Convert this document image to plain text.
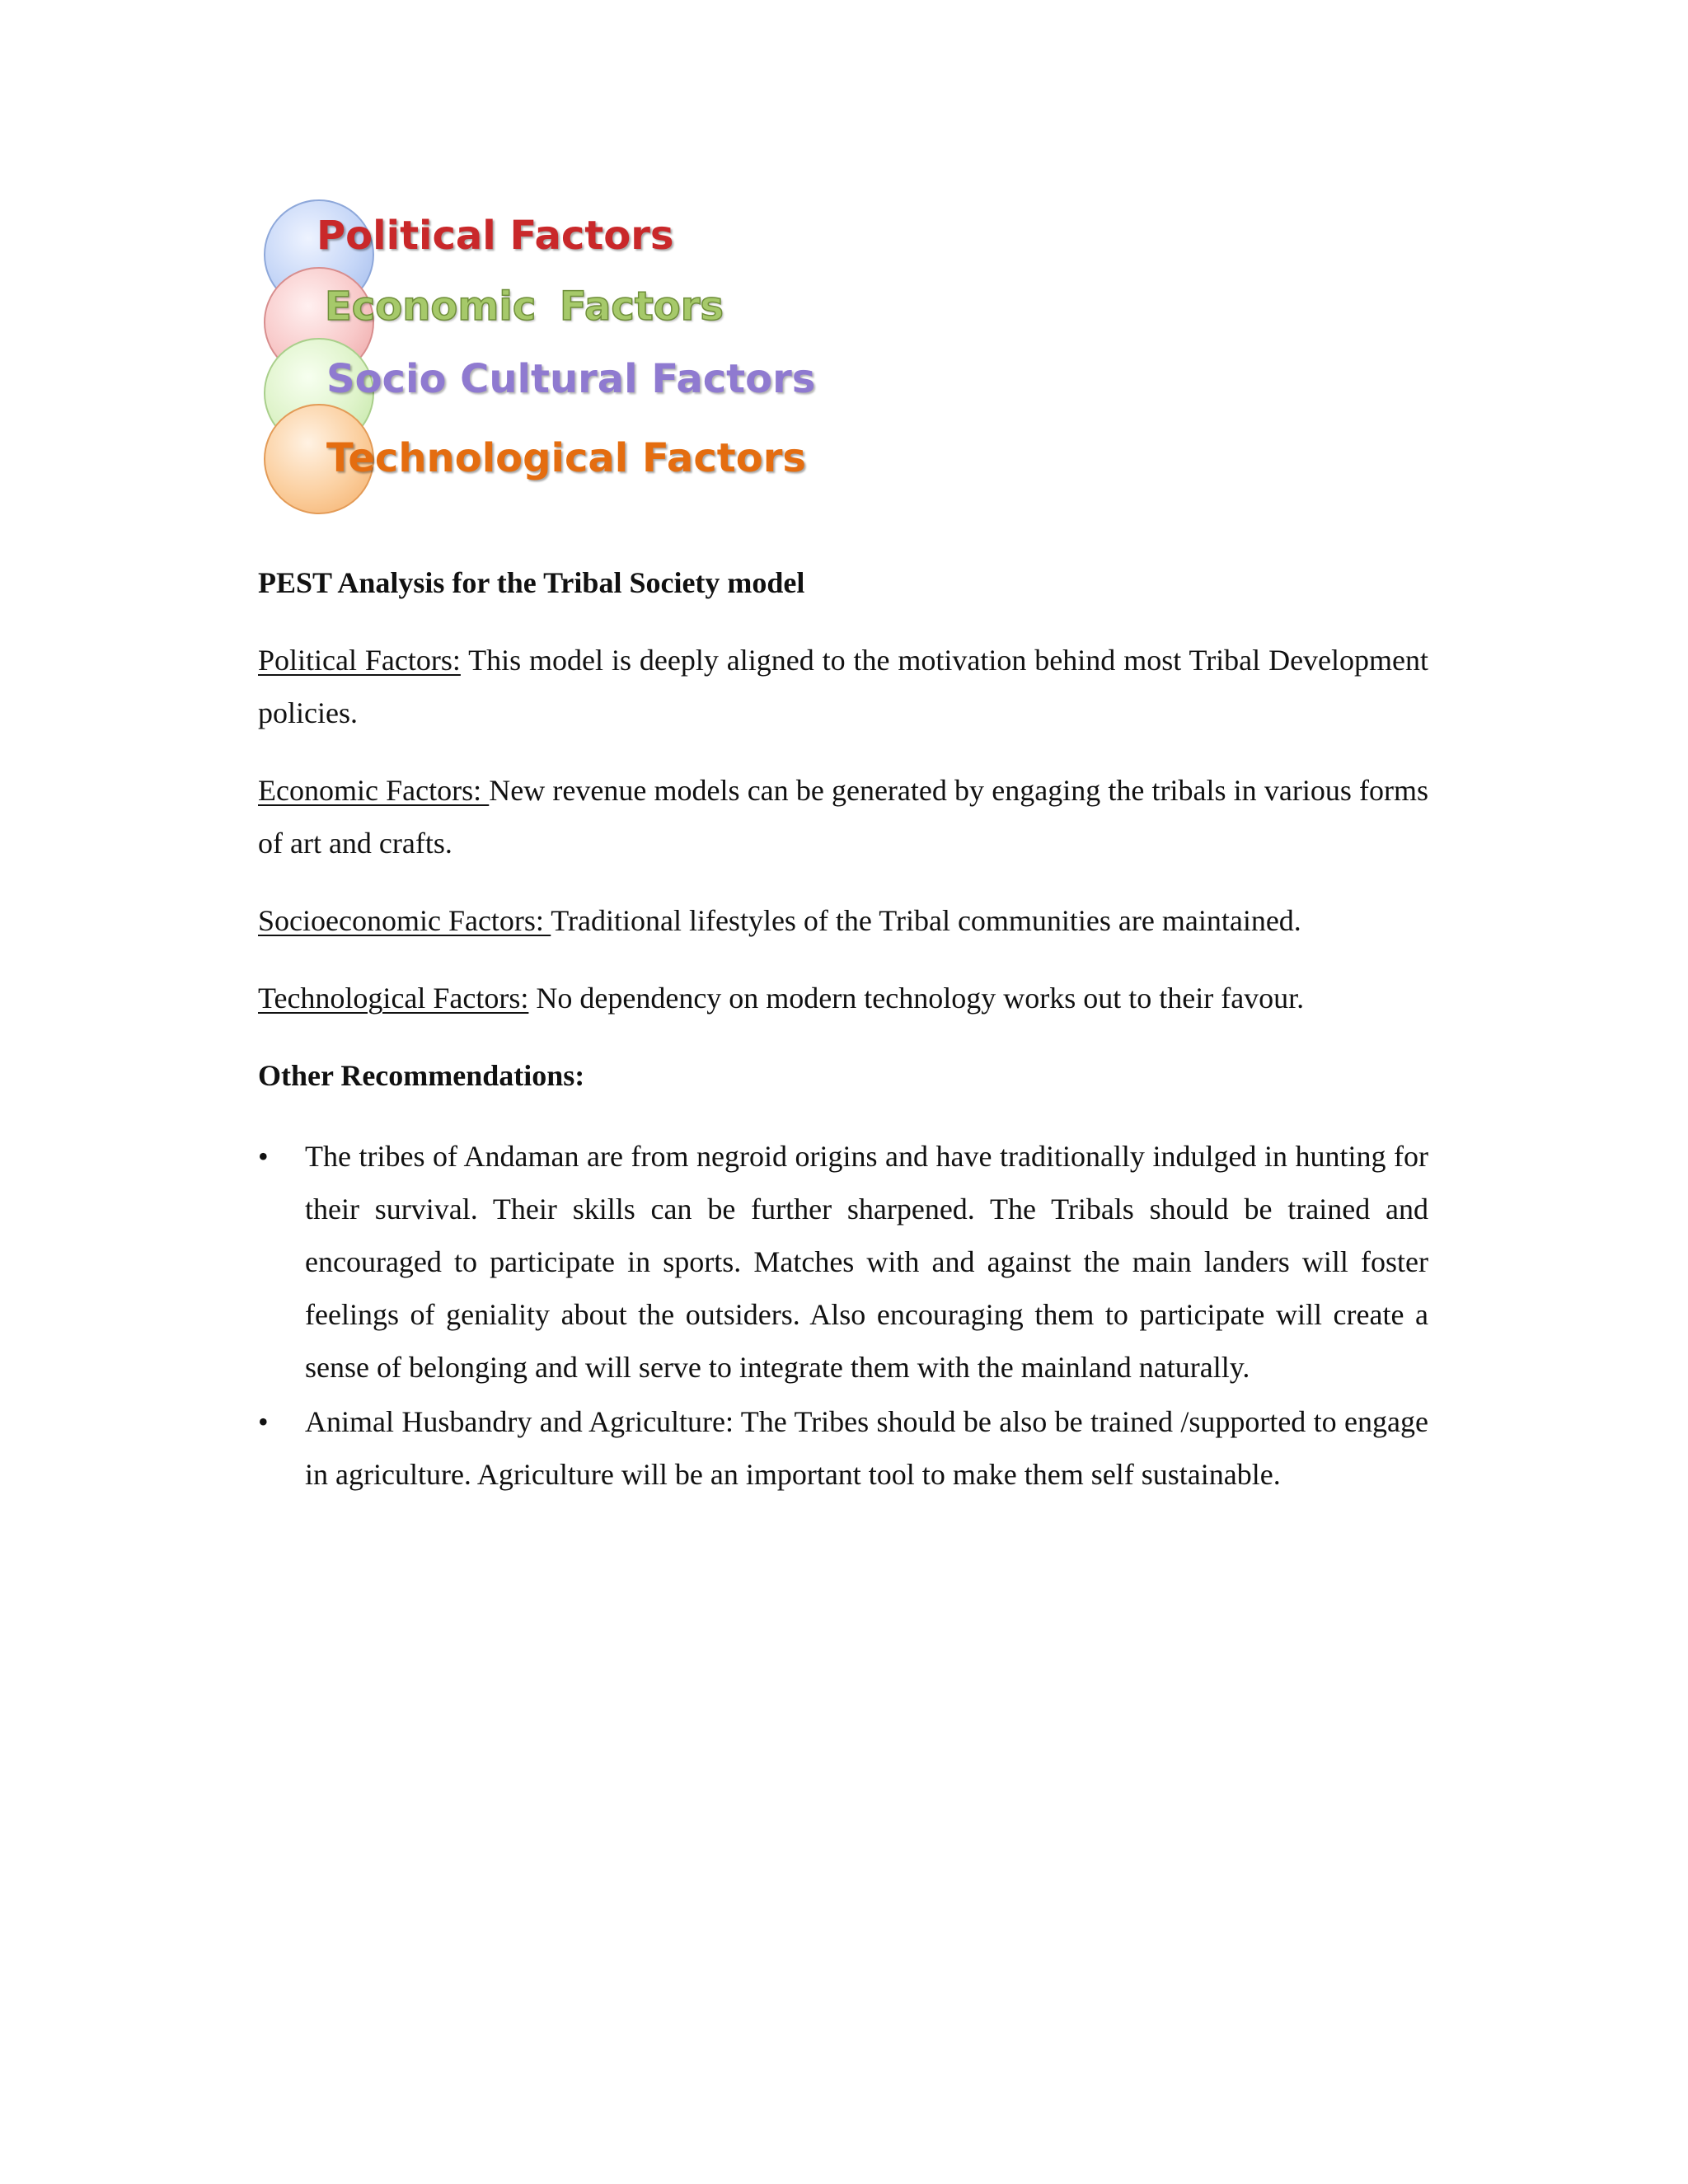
Political Factors
Economic Factors
Socio Cultural Factors
Technological Factors

PEST Analysis for the Tribal Society model

Political Factors: This model is deeply aligned to the motivation behind most Tribal Development policies.

Economic Factors: New revenue models can be generated by engaging the tribals in various forms of art and crafts.

Socioeconomic Factors: Traditional lifestyles of the Tribal communities are maintained.

Technological Factors: No dependency on modern technology works out to their favour.

Other Recommendations:

•	The tribes of Andaman are from negroid origins and have traditionally indulged in hunting for their survival. Their skills can be further sharpened. The Tribals should be trained and encouraged to participate in sports. Matches with and against the main landers will foster feelings of geniality about the outsiders. Also encouraging them to participate will create a sense of belonging and will serve to integrate them with the mainland naturally.
•	Animal Husbandry and Agriculture: The Tribes should be also be trained /supported to engage in agriculture. Agriculture will be an important tool to make them self sustainable.
